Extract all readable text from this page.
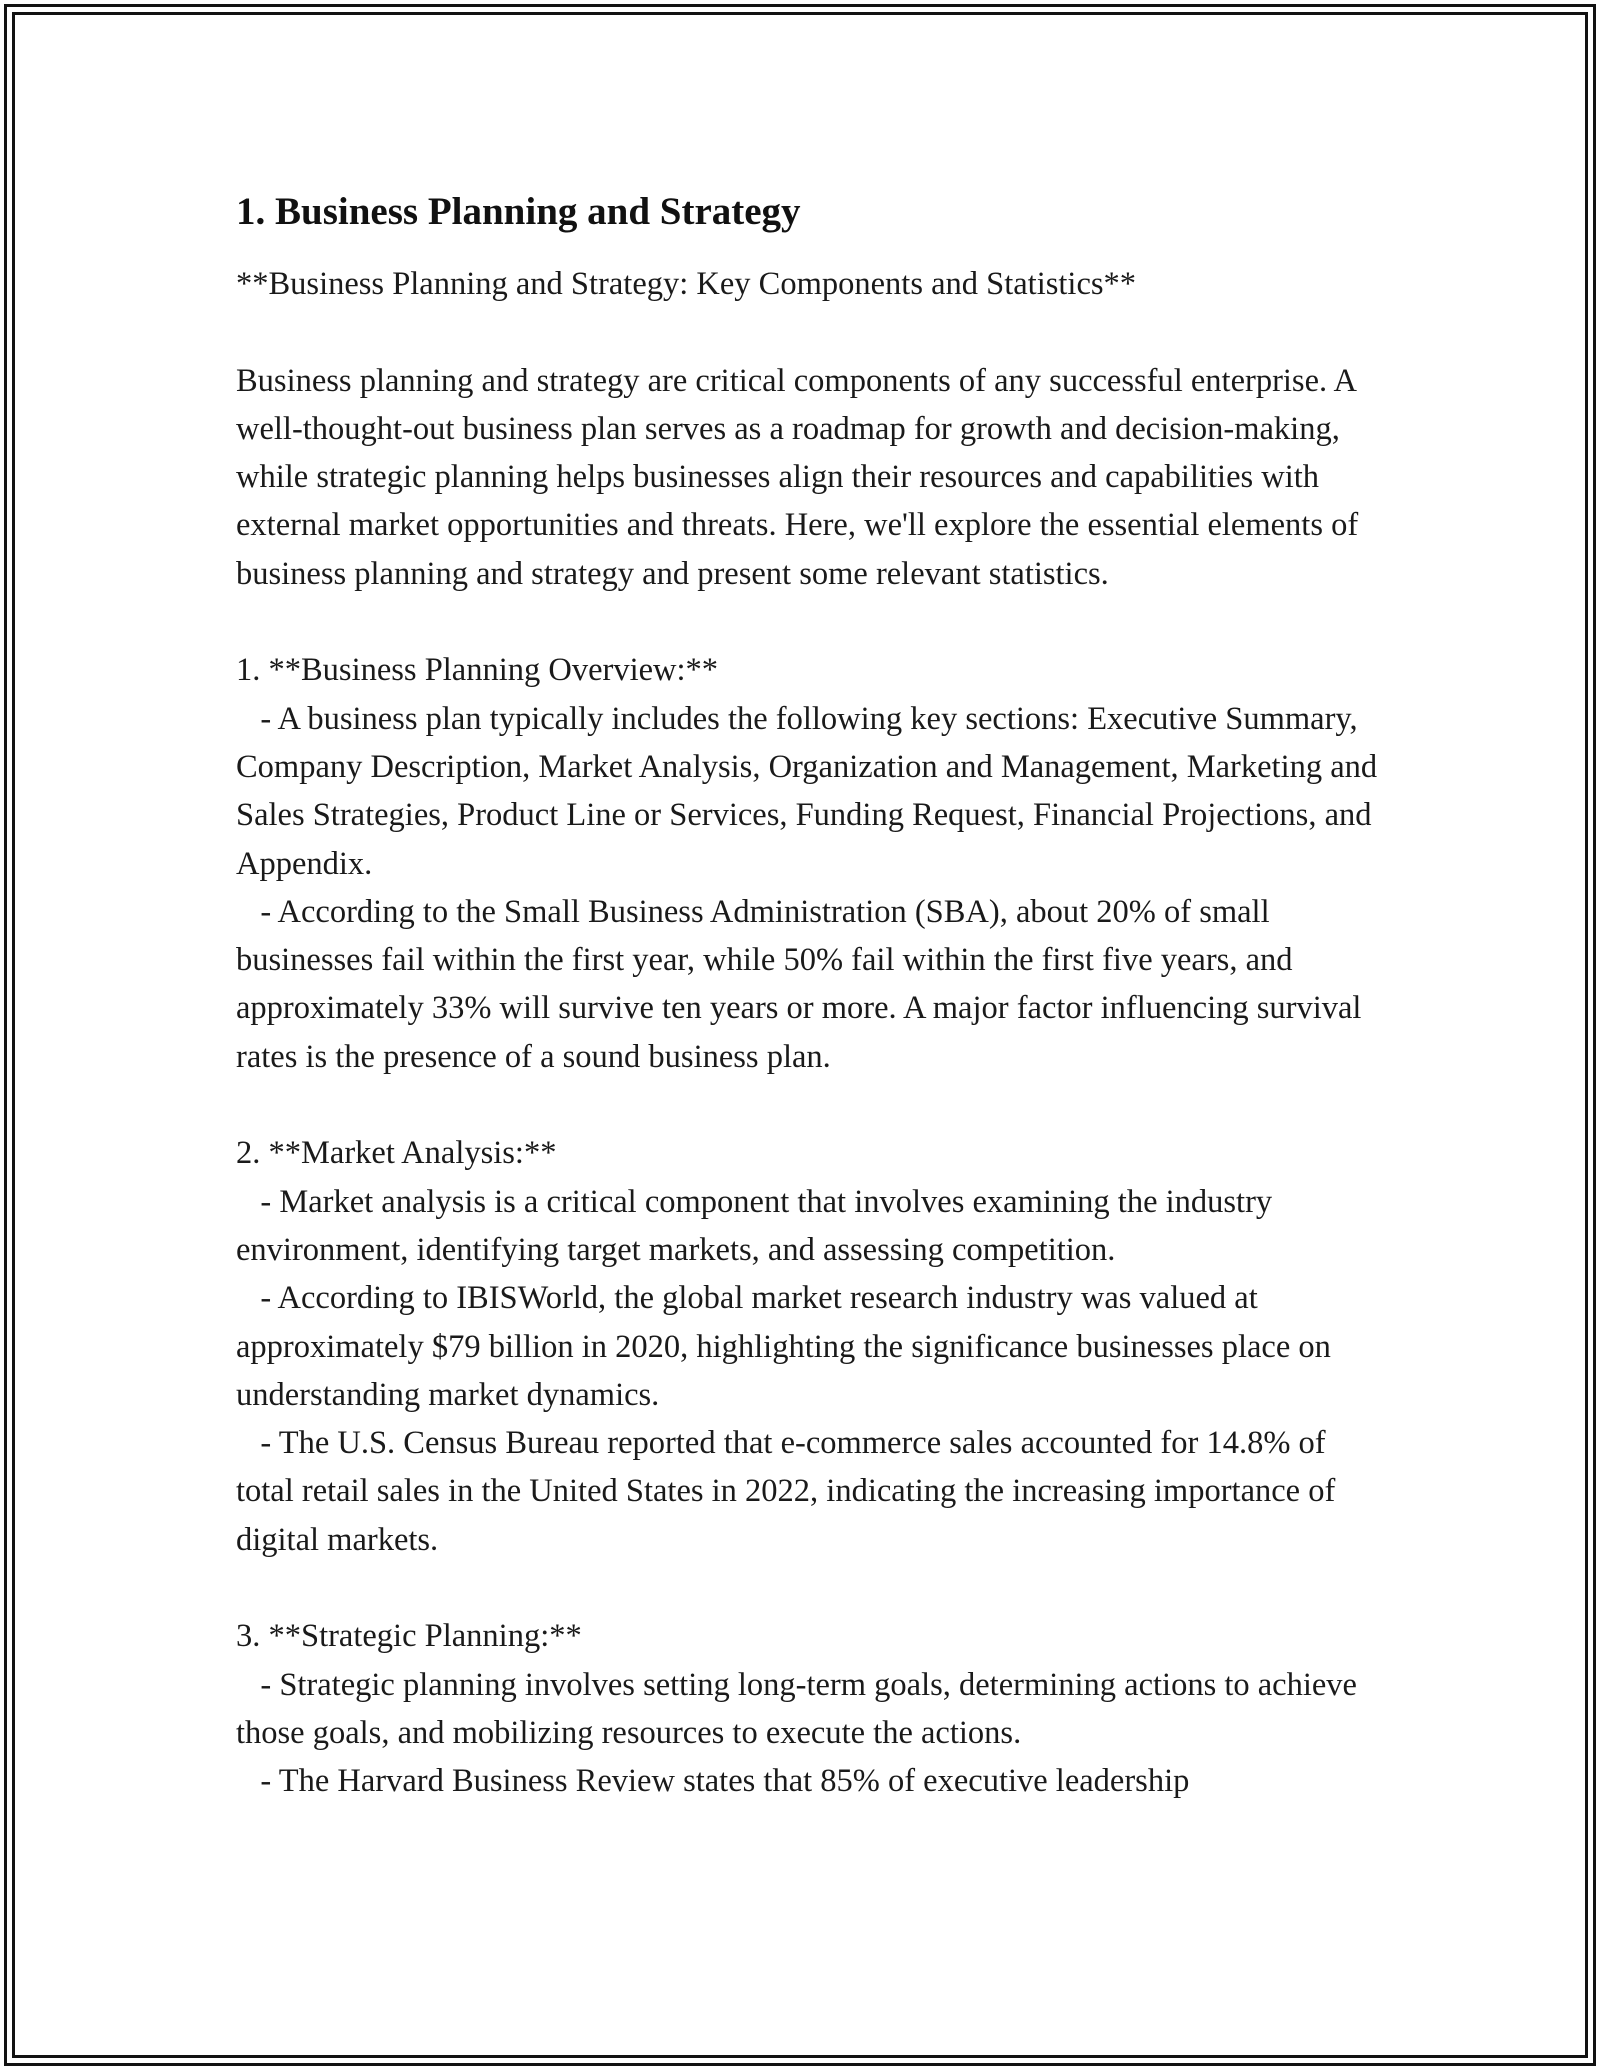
1. Business Planning and Strategy

**Business Planning and Strategy: Key Components and Statistics**

Business planning and strategy are critical components of any successful enterprise. A well-thought-out business plan serves as a roadmap for growth and decision-making, while strategic planning helps businesses align their resources and capabilities with external market opportunities and threats. Here, we'll explore the essential elements of business planning and strategy and present some relevant statistics.

1. **Business Planning Overview:**
- A business plan typically includes the following key sections: Executive Summary, Company Description, Market Analysis, Organization and Management, Marketing and Sales Strategies, Product Line or Services, Funding Request, Financial Projections, and Appendix.
- According to the Small Business Administration (SBA), about 20% of small businesses fail within the first year, while 50% fail within the first five years, and approximately 33% will survive ten years or more. A major factor influencing survival rates is the presence of a sound business plan.

2. **Market Analysis:**
- Market analysis is a critical component that involves examining the industry environment, identifying target markets, and assessing competition.
- According to IBISWorld, the global market research industry was valued at approximately $79 billion in 2020, highlighting the significance businesses place on understanding market dynamics.
- The U.S. Census Bureau reported that e-commerce sales accounted for 14.8% of total retail sales in the United States in 2022, indicating the increasing importance of digital markets.

3. **Strategic Planning:**
- Strategic planning involves setting long-term goals, determining actions to achieve those goals, and mobilizing resources to execute the actions.
- The Harvard Business Review states that 85% of executive leadership
